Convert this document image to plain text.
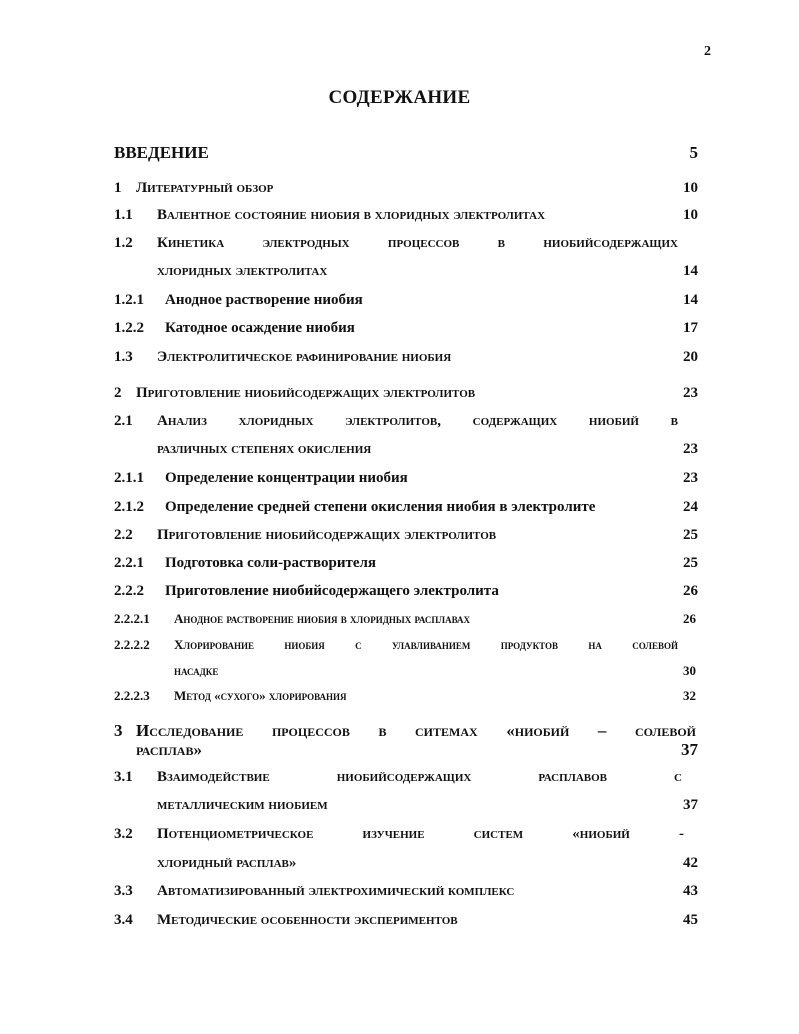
2
СОДЕРЖАНИЕ
ВВЕДЕНИЕ	5
1 Литературный обзор	10
1.1 Валентное состояние ниобия в хлоридных электролитах	10
1.2 Кинетика электродных процессов в ниобийсодержащих
хлоридных электролитах	14
1.2.1 Анодное растворение ниобия	14
1.2.2 Катодное осаждение ниобия	17
1.3 Электролитическое рафинирование ниобия	20
2 Приготовление ниобийсодержащих электролитов	23
2.1 Анализ хлоридных электролитов, содержащих ниобий в
различных степенях окисления	23
2.1.1 Определение концентрации ниобия	23
2.1.2 Определение средней степени окисления ниобия в электролите	24
2.2 Приготовление ниобийсодержащих электролитов	25
2.2.1 Подготовка соли-растворителя	25
2.2.2 Приготовление ниобийсодержащего электролита	26
2.2.2.1 Анодное растворение ниобия в хлоридных расплавах	26
2.2.2.2 Хлорирование ниобия с улавливанием продуктов на солевой
насадке	30
2.2.2.3 Метод «сухого» хлорирования	32
3 Исследование процессов в ситемах «ниобий – солевой
расплав»	37
3.1 Взаимодействие ниобийсодержащих расплавов с
металлическим ниобием	37
3.2 Потенциометрическое изучение систем «ниобий -
хлоридный расплав»	42
3.3 Автоматизированный электрохимический комплекс	43
3.4 Методические особенности экспериментов	45
